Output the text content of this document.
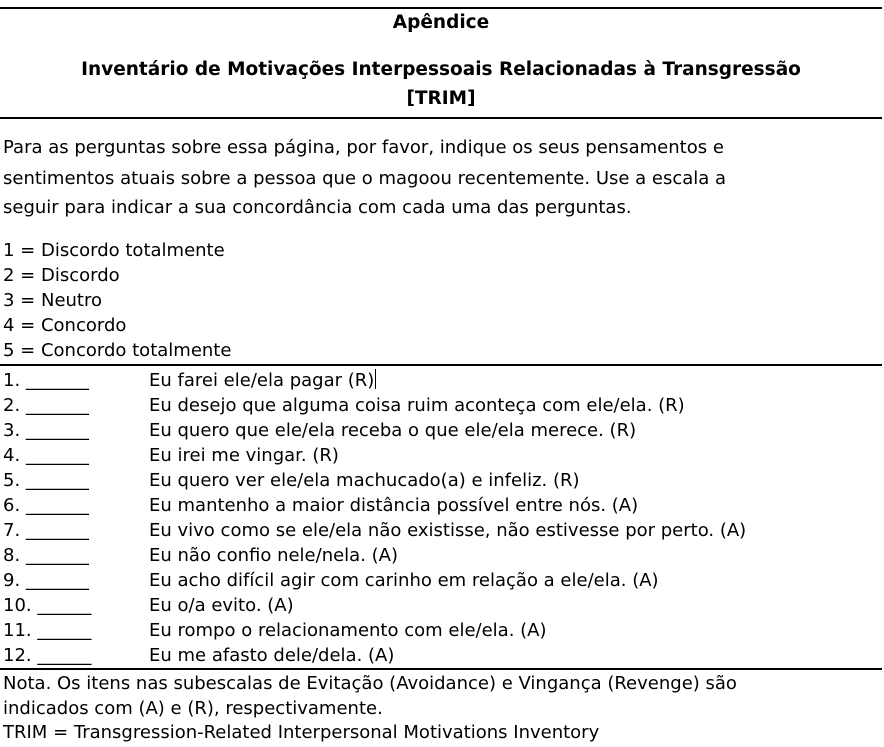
Apêndice
Inventário de Motivações Interpessoais Relacionadas à Transgressão
[TRIM]
Para as perguntas sobre essa página, por favor, indique os seus pensamentos e
sentimentos atuais sobre a pessoa que o magoou recentemente. Use a escala a
seguir para indicar a sua concordância com cada uma das perguntas.
1 = Discordo totalmente
2 = Discordo
3 = Neutro
4 = Concordo
5 = Concordo totalmente
1. _______	Eu farei ele/ela pagar (R)
2. _______	Eu desejo que alguma coisa ruim aconteça com ele/ela. (R)
3. _______	Eu quero que ele/ela receba o que ele/ela merece. (R)
4. _______	Eu irei me vingar. (R)
5. _______	Eu quero ver ele/ela machucado(a) e infeliz. (R)
6. _______	Eu mantenho a maior distância possível entre nós. (A)
7. _______	Eu vivo como se ele/ela não existisse, não estivesse por perto. (A)
8. _______	Eu não confio nele/nela. (A)
9. _______	Eu acho difícil agir com carinho em relação a ele/ela. (A)
10. ______	Eu o/a evito. (A)
11. ______	Eu rompo o relacionamento com ele/ela. (A)
12. ______	Eu me afasto dele/dela. (A)
Nota. Os itens nas subescalas de Evitação (Avoidance) e Vingança (Revenge) são
indicados com (A) e (R), respectivamente.
TRIM = Transgression-Related Interpersonal Motivations Inventory
